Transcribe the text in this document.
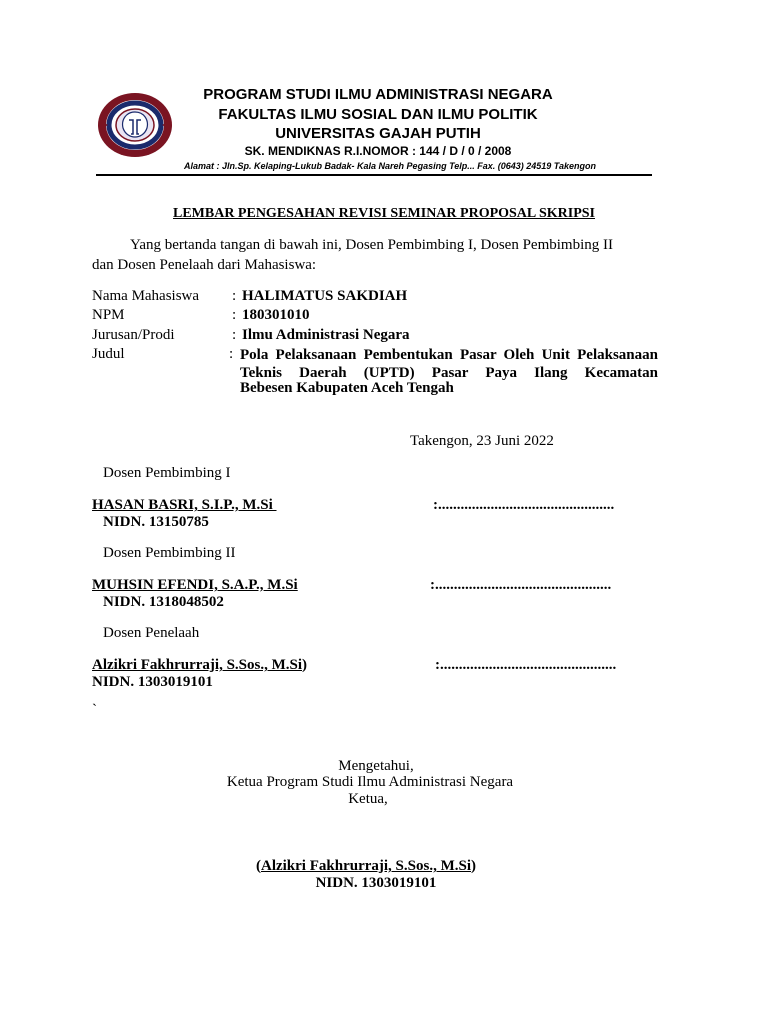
PROGRAM STUDI ILMU ADMINISTRASI NEGARA
FAKULTAS ILMU SOSIAL DAN ILMU POLITIK
UNIVERSITAS GAJAH PUTIH
SK. MENDIKNAS R.I.NOMOR : 144 / D / 0 / 2008
Alamat : Jln.Sp. Kelaping-Lukub Badak- Kala Nareh Pegasing Telp... Fax. (0643) 24519 Takengon
LEMBAR PENGESAHAN REVISI SEMINAR PROPOSAL SKRIPSI
Yang bertanda tangan di bawah ini, Dosen Pembimbing I, Dosen Pembimbing II
dan Dosen Penelaah dari Mahasiswa:
Nama Mahasiswa : HALIMATUS SAKDIAH
NPM	: 180301010
Jurusan/Prodi	: Ilmu Administrasi Negara
Judul	: Pola Pelaksanaan Pembentukan Pasar Oleh Unit Pelaksanaan Teknis Daerah (UPTD) Pasar Paya Ilang Kecamatan
Bebesen Kabupaten Aceh Tengah
Takengon, 23 Juni 2022
Dosen Pembimbing I
HASAN BASRI, S.I.P., M.Si	:...............................................
NIDN. 13150785
Dosen Pembimbing II
MUHSIN EFENDI, S.A.P., M.Si	:...............................................
NIDN. 1318048502
Dosen Penelaah
Alzikri Fakhrurraji, S.Sos., M.Si)	:...............................................
NIDN. 1303019101
`
Mengetahui,
Ketua Program Studi Ilmu Administrasi Negara
Ketua,
(Alzikri Fakhrurraji, S.Sos., M.Si)
NIDN. 1303019101
